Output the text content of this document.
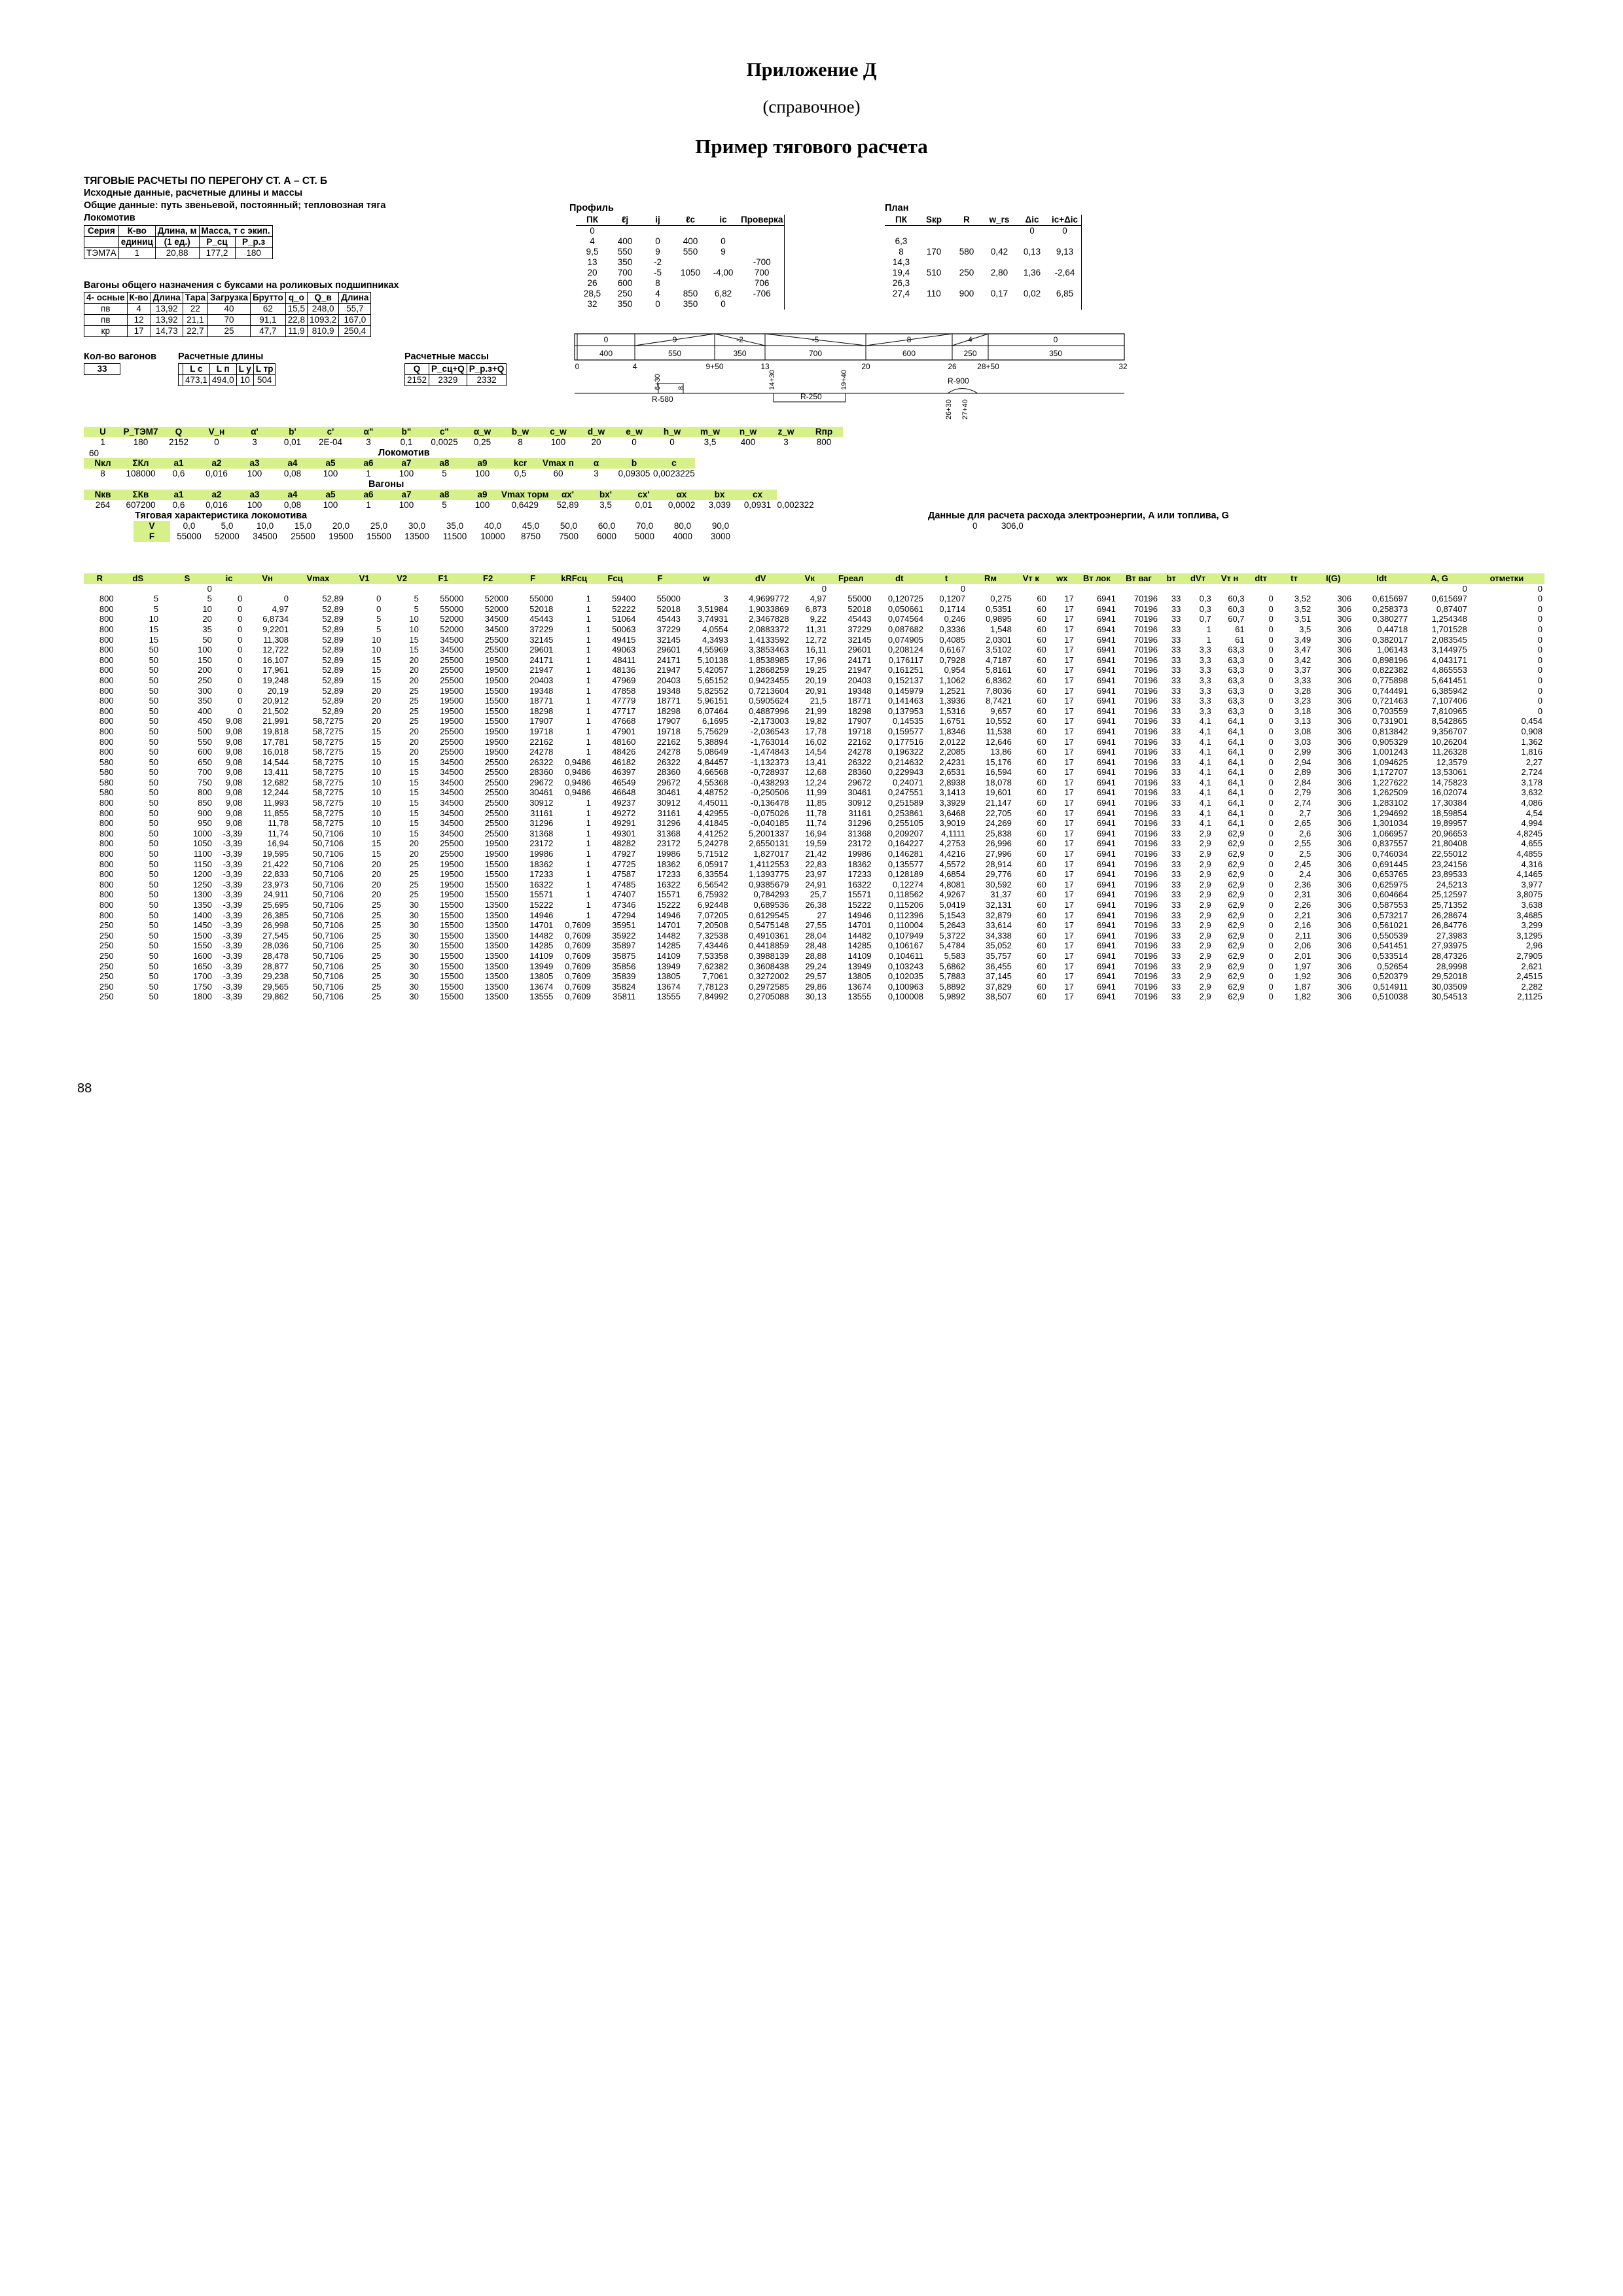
Приложение Д
(справочное)
Пример тягового расчета
ТЯГОВЫЕ РАСЧЕТЫ ПО ПЕРЕГОНУ СТ. А – СТ. Б
Исходные данные, расчетные длины и массы
Общие данные: путь звеньевой, постоянный; тепловозная тяга
Локомотив
Серия	К-во	Длина, м	Масса, т с экип.	
	единиц	(1 ед.)	P_сц	P_р.з
ТЭМ7А	1	20,88	177,2	180
Вагоны общего назначения с буксами на роликовых подшипниках
4- осные	К-во	Длина	Тара	Загрузка	Брутто	q_о	Q_в	Длина
пв	4	13,92	22	40	62	15,5	248,0	55,7
пв	12	13,92	21,1	70	91,1	22,8	1093,2	167,0
кр	17	14,73	22,7	25	47,7	11,9	810,9	250,4
Кол-во вагонов
33
Расчетные длины
	L с	L п	L у	L тр
	473,1	494,0	10	504
Расчетные массы
Q	P_сц+Q	P_р.з+Q
2152	2329	2332
Профиль
ПК	ℓj	ij	ℓc	ic	Проверка
0					
4	400	0	400	0	
9,5	550	9	550	9	
13	350	-2			-700
20	700	-5	1050	-4,00	700
26	600	8			706
28,5	250	4	850	6,82	-706
32	350	0	350	0	
План
ПК	Sкр	R	w_rs	Δic	ic+Δic
				0	0
6,3					
8	170	580	0,42	0,13	9,13
14,3					
19,4	510	250	2,80	1,36	-2,64
26,3					
27,4	110	900	0,17	0,02	6,85

0
400
9
550
-2
350
-5
700
8
600
4
250
0
350
0	4	9+50	13	20	26	28+50	32
R-580	R-250
R-900
6+30 8	14+30	19+40
26+30 27+40
U	P_ТЭМ7	Q	V_н	α'	b'	c'	α"	b"	c"	α_w	b_w	c_w	d_w	e_w	h_w	m_w	n_w	z_w	Rпр
1	180	2152	0	3	0,01	2E-04	3	0,1	0,0025	0,25	8	100	20	0	0	3,5	400	3	800
60	Локомотив
Nкл	ΣКл	a1	a2	a3	a4	a5	a6	a7	a8	a9	kcr	Vmax п	α	b	c
8	108000	0,6	0,016	100	0,08	100	1	100	5	100	0,5	60	3	0,09305	0,0023225
Вагоны
Nкв	ΣКв	a1	a2	a3	a4	a5	a6	a7	a8	a9	Vmax торм	αx'	bx'	cx'	αx	bx	cx	
264	607200	0,6	0,016	100	0,08	100	1	100	5	100	0,6429	52,89	3,5	0,01	0,0002	3,039	0,0931	0,002322
Тяговая характеристика локомотива	Данные для расчета расхода электроэнергии, A или топлива, G
V	0,0	5,0	10,0	15,0	20,0	25,0	30,0	35,0	40,0	45,0	50,0	60,0	70,0	80,0	90,0
F	55000	52000	34500	25500	19500	15500	13500	11500	10000	8750	7500	6000	5000	4000	3000
0	306,0
R	dS	S	ic	Vн	Vmax	V1	V2	F1	F2	F	kRFсц	Fсц	F	w	dV	Vк	Fреал	dt	t	Rм	Vт к	wx	Вт лок	Вт ваг	bт	dVт	Vт н	dtт	tт	I(G)	Idt	A, G	отметки
		0														0			0													0	0
800	5	5	0	0	52,89	0	5	55000	52000	55000	1	59400	55000	3	4,9699772	4,97	55000	0,120725	0,1207	0,275	60	17	6941	70196	33	0,3	60,3	0	3,52	306	0,615697	0,615697	0
800	5	10	0	4,97	52,89	0	5	55000	52000	52018	1	52222	52018	3,51984	1,9033869	6,873	52018	0,050661	0,1714	0,5351	60	17	6941	70196	33	0,3	60,3	0	3,52	306	0,258373	0,87407	0
800	10	20	0	6,8734	52,89	5	10	52000	34500	45443	1	51064	45443	3,74931	2,3467828	9,22	45443	0,074564	0,246	0,9895	60	17	6941	70196	33	0,7	60,7	0	3,51	306	0,380277	1,254348	0
800	15	35	0	9,2201	52,89	5	10	52000	34500	37229	1	50063	37229	4,0554	2,0883372	11,31	37229	0,087682	0,3336	1,548	60	17	6941	70196	33	1	61	0	3,5	306	0,44718	1,701528	0
800	15	50	0	11,308	52,89	10	15	34500	25500	32145	1	49415	32145	4,3493	1,4133592	12,72	32145	0,074905	0,4085	2,0301	60	17	6941	70196	33	1	61	0	3,49	306	0,382017	2,083545	0
800	50	100	0	12,722	52,89	10	15	34500	25500	29601	1	49063	29601	4,55969	3,3853463	16,11	29601	0,208124	0,6167	3,5102	60	17	6941	70196	33	3,3	63,3	0	3,47	306	1,06143	3,144975	0
800	50	150	0	16,107	52,89	15	20	25500	19500	24171	1	48411	24171	5,10138	1,8538985	17,96	24171	0,176117	0,7928	4,7187	60	17	6941	70196	33	3,3	63,3	0	3,42	306	0,898196	4,043171	0
800	50	200	0	17,961	52,89	15	20	25500	19500	21947	1	48136	21947	5,42057	1,2868259	19,25	21947	0,161251	0,954	5,8161	60	17	6941	70196	33	3,3	63,3	0	3,37	306	0,822382	4,865553	0
800	50	250	0	19,248	52,89	15	20	25500	19500	20403	1	47969	20403	5,65152	0,9423455	20,19	20403	0,152137	1,1062	6,8362	60	17	6941	70196	33	3,3	63,3	0	3,33	306	0,775898	5,641451	0
800	50	300	0	20,19	52,89	20	25	19500	15500	19348	1	47858	19348	5,82552	0,7213604	20,91	19348	0,145979	1,2521	7,8036	60	17	6941	70196	33	3,3	63,3	0	3,28	306	0,744491	6,385942	0
800	50	350	0	20,912	52,89	20	25	19500	15500	18771	1	47779	18771	5,96151	0,5905624	21,5	18771	0,141463	1,3936	8,7421	60	17	6941	70196	33	3,3	63,3	0	3,23	306	0,721463	7,107406	0
800	50	400	0	21,502	52,89	20	25	19500	15500	18298	1	47717	18298	6,07464	0,4887996	21,99	18298	0,137953	1,5316	9,657	60	17	6941	70196	33	3,3	63,3	0	3,18	306	0,703559	7,810965	0
800	50	450	9,08	21,991	58,7275	20	25	19500	15500	17907	1	47668	17907	6,1695	-2,173003	19,82	17907	0,14535	1,6751	10,552	60	17	6941	70196	33	4,1	64,1	0	3,13	306	0,731901	8,542865	0,454
800	50	500	9,08	19,818	58,7275	15	20	25500	19500	19718	1	47901	19718	5,75629	-2,036543	17,78	19718	0,159577	1,8346	11,538	60	17	6941	70196	33	4,1	64,1	0	3,08	306	0,813842	9,356707	0,908
800	50	550	9,08	17,781	58,7275	15	20	25500	19500	22162	1	48160	22162	5,38894	-1,763014	16,02	22162	0,177516	2,0122	12,646	60	17	6941	70196	33	4,1	64,1	0	3,03	306	0,905329	10,26204	1,362
800	50	600	9,08	16,018	58,7275	15	20	25500	19500	24278	1	48426	24278	5,08649	-1,474843	14,54	24278	0,196322	2,2085	13,86	60	17	6941	70196	33	4,1	64,1	0	2,99	306	1,001243	11,26328	1,816
580	50	650	9,08	14,544	58,7275	10	15	34500	25500	26322	0,9486	46182	26322	4,84457	-1,132373	13,41	26322	0,214632	2,4231	15,176	60	17	6941	70196	33	4,1	64,1	0	2,94	306	1,094625	12,3579	2,27
580	50	700	9,08	13,411	58,7275	10	15	34500	25500	28360	0,9486	46397	28360	4,66568	-0,728937	12,68	28360	0,229943	2,6531	16,594	60	17	6941	70196	33	4,1	64,1	0	2,89	306	1,172707	13,53061	2,724
580	50	750	9,08	12,682	58,7275	10	15	34500	25500	29672	0,9486	46549	29672	4,55368	-0,438293	12,24	29672	0,24071	2,8938	18,078	60	17	6941	70196	33	4,1	64,1	0	2,84	306	1,227622	14,75823	3,178
580	50	800	9,08	12,244	58,7275	10	15	34500	25500	30461	0,9486	46648	30461	4,48752	-0,250506	11,99	30461	0,247551	3,1413	19,601	60	17	6941	70196	33	4,1	64,1	0	2,79	306	1,262509	16,02074	3,632
800	50	850	9,08	11,993	58,7275	10	15	34500	25500	30912	1	49237	30912	4,45011	-0,136478	11,85	30912	0,251589	3,3929	21,147	60	17	6941	70196	33	4,1	64,1	0	2,74	306	1,283102	17,30384	4,086
800	50	900	9,08	11,855	58,7275	10	15	34500	25500	31161	1	49272	31161	4,42955	-0,075026	11,78	31161	0,253861	3,6468	22,705	60	17	6941	70196	33	4,1	64,1	0	2,7	306	1,294692	18,59854	4,54
800	50	950	9,08	11,78	58,7275	10	15	34500	25500	31296	1	49291	31296	4,41845	-0,040185	11,74	31296	0,255105	3,9019	24,269	60	17	6941	70196	33	4,1	64,1	0	2,65	306	1,301034	19,89957	4,994
800	50	1000	-3,39	11,74	50,7106	10	15	34500	25500	31368	1	49301	31368	4,41252	5,2001337	16,94	31368	0,209207	4,1111	25,838	60	17	6941	70196	33	2,9	62,9	0	2,6	306	1,066957	20,96653	4,8245
800	50	1050	-3,39	16,94	50,7106	15	20	25500	19500	23172	1	48282	23172	5,24278	2,6550131	19,59	23172	0,164227	4,2753	26,996	60	17	6941	70196	33	2,9	62,9	0	2,55	306	0,837557	21,80408	4,655
800	50	1100	-3,39	19,595	50,7106	15	20	25500	19500	19986	1	47927	19986	5,71512	1,827017	21,42	19986	0,146281	4,4216	27,996	60	17	6941	70196	33	2,9	62,9	0	2,5	306	0,746034	22,55012	4,4855
800	50	1150	-3,39	21,422	50,7106	20	25	19500	15500	18362	1	47725	18362	6,05917	1,4112553	22,83	18362	0,135577	4,5572	28,914	60	17	6941	70196	33	2,9	62,9	0	2,45	306	0,691445	23,24156	4,316
800	50	1200	-3,39	22,833	50,7106	20	25	19500	15500	17233	1	47587	17233	6,33554	1,1393775	23,97	17233	0,128189	4,6854	29,776	60	17	6941	70196	33	2,9	62,9	0	2,4	306	0,653765	23,89533	4,1465
800	50	1250	-3,39	23,973	50,7106	20	25	19500	15500	16322	1	47485	16322	6,56542	0,9385679	24,91	16322	0,12274	4,8081	30,592	60	17	6941	70196	33	2,9	62,9	0	2,36	306	0,625975	24,5213	3,977
800	50	1300	-3,39	24,911	50,7106	20	25	19500	15500	15571	1	47407	15571	6,75932	0,784293	25,7	15571	0,118562	4,9267	31,37	60	17	6941	70196	33	2,9	62,9	0	2,31	306	0,604664	25,12597	3,8075
800	50	1350	-3,39	25,695	50,7106	25	30	15500	13500	15222	1	47346	15222	6,92448	0,689536	26,38	15222	0,115206	5,0419	32,131	60	17	6941	70196	33	2,9	62,9	0	2,26	306	0,587553	25,71352	3,638
800	50	1400	-3,39	26,385	50,7106	25	30	15500	13500	14946	1	47294	14946	7,07205	0,6129545	27	14946	0,112396	5,1543	32,879	60	17	6941	70196	33	2,9	62,9	0	2,21	306	0,573217	26,28674	3,4685
250	50	1450	-3,39	26,998	50,7106	25	30	15500	13500	14701	0,7609	35951	14701	7,20508	0,5475148	27,55	14701	0,110004	5,2643	33,614	60	17	6941	70196	33	2,9	62,9	0	2,16	306	0,561021	26,84776	3,299
250	50	1500	-3,39	27,545	50,7106	25	30	15500	13500	14482	0,7609	35922	14482	7,32538	0,4910361	28,04	14482	0,107949	5,3722	34,338	60	17	6941	70196	33	2,9	62,9	0	2,11	306	0,550539	27,3983	3,1295
250	50	1550	-3,39	28,036	50,7106	25	30	15500	13500	14285	0,7609	35897	14285	7,43446	0,4418859	28,48	14285	0,106167	5,4784	35,052	60	17	6941	70196	33	2,9	62,9	0	2,06	306	0,541451	27,93975	2,96
250	50	1600	-3,39	28,478	50,7106	25	30	15500	13500	14109	0,7609	35875	14109	7,53358	0,3988139	28,88	14109	0,104611	5,583	35,757	60	17	6941	70196	33	2,9	62,9	0	2,01	306	0,533514	28,47326	2,7905
250	50	1650	-3,39	28,877	50,7106	25	30	15500	13500	13949	0,7609	35856	13949	7,62382	0,3608438	29,24	13949	0,103243	5,6862	36,455	60	17	6941	70196	33	2,9	62,9	0	1,97	306	0,52654	28,9998	2,621
250	50	1700	-3,39	29,238	50,7106	25	30	15500	13500	13805	0,7609	35839	13805	7,7061	0,3272002	29,57	13805	0,102035	5,7883	37,145	60	17	6941	70196	33	2,9	62,9	0	1,92	306	0,520379	29,52018	2,4515
250	50	1750	-3,39	29,565	50,7106	25	30	15500	13500	13674	0,7609	35824	13674	7,78123	0,2972585	29,86	13674	0,100963	5,8892	37,829	60	17	6941	70196	33	2,9	62,9	0	1,87	306	0,514911	30,03509	2,282
250	50	1800	-3,39	29,862	50,7106	25	30	15500	13500	13555	0,7609	35811	13555	7,84992	0,2705088	30,13	13555	0,100008	5,9892	38,507	60	17	6941	70196	33	2,9	62,9	0	1,82	306	0,510038	30,54513	2,1125
88
